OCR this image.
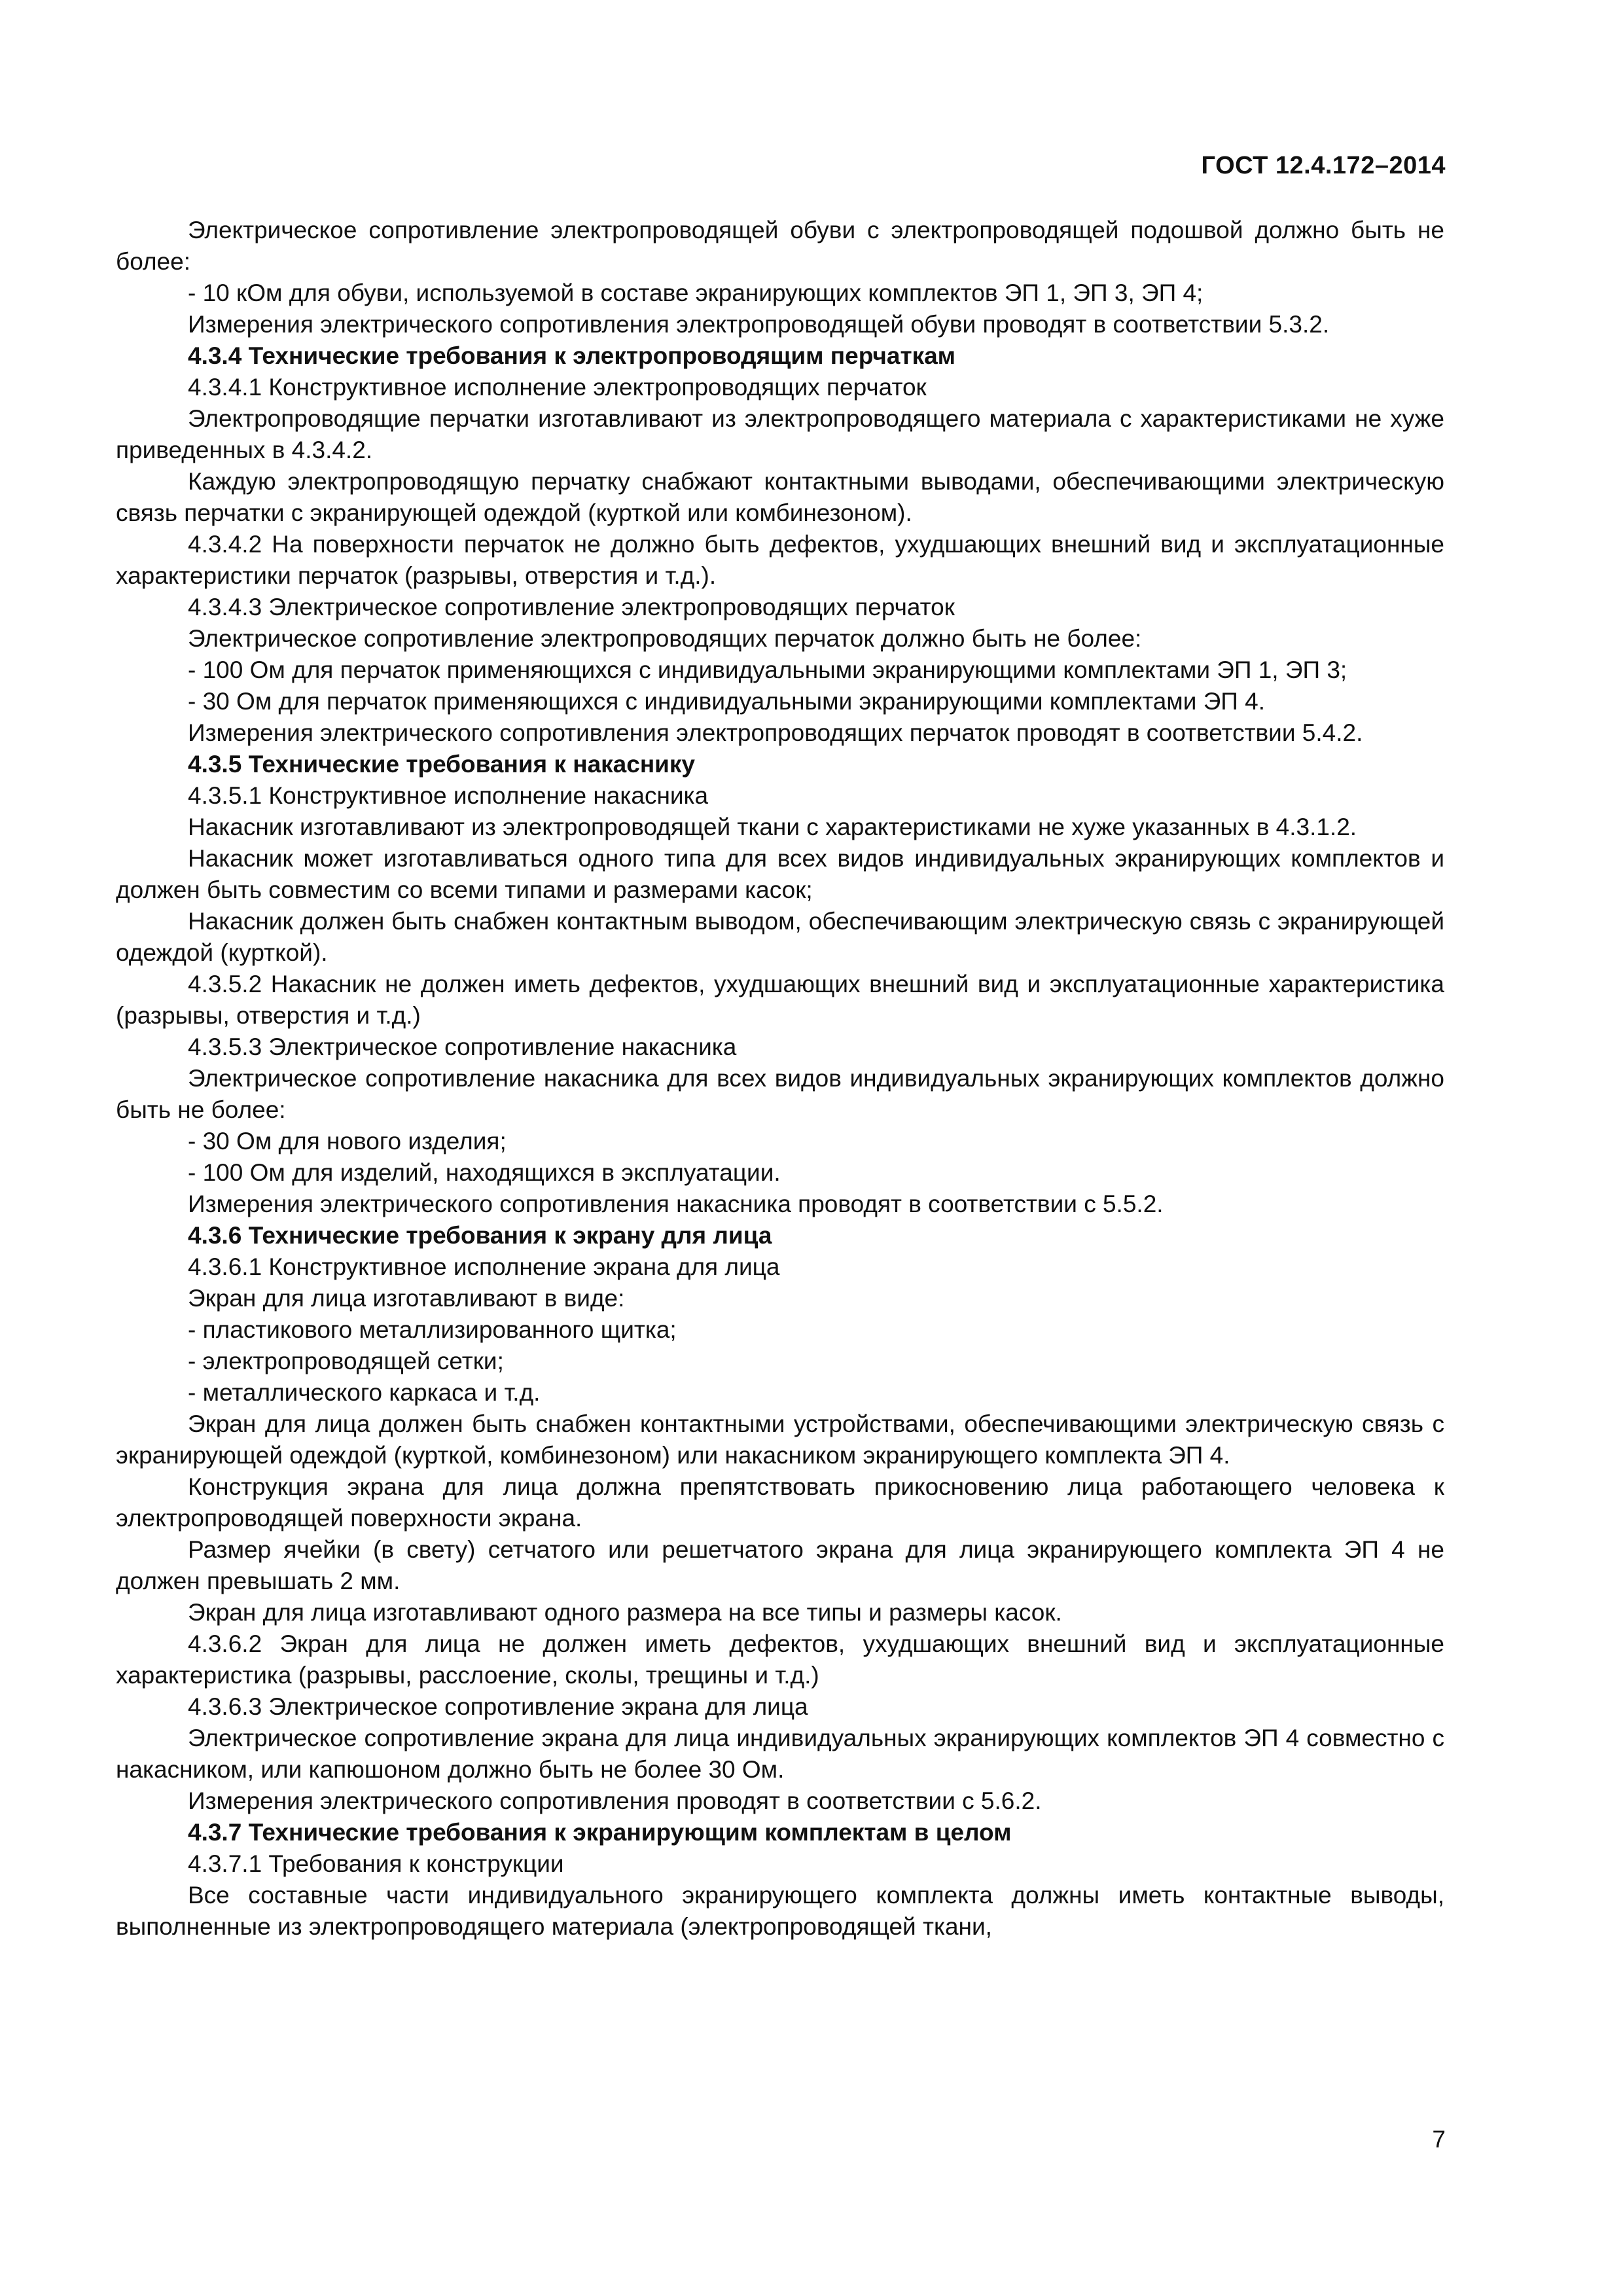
ГОСТ 12.4.172–2014

Электрическое сопротивление электропроводящей обуви с электропроводящей подошвой должно быть не более:

- 10 кОм для обуви, используемой в составе экранирующих комплектов ЭП 1, ЭП 3, ЭП 4;

Измерения электрического сопротивления электропроводящей обуви проводят в соответствии 5.3.2.

4.3.4 Технические требования к электропроводящим перчаткам

4.3.4.1 Конструктивное исполнение электропроводящих перчаток

Электропроводящие перчатки изготавливают из электропроводящего материала с характеристиками не хуже приведенных в 4.3.4.2.

Каждую электропроводящую перчатку снабжают контактными выводами, обеспечивающими электрическую связь перчатки с экранирующей одеждой (курткой или комбинезоном).

4.3.4.2 На поверхности перчаток не должно быть дефектов, ухудшающих внешний вид и эксплуатационные характеристики перчаток (разрывы, отверстия и т.д.).

4.3.4.3 Электрическое сопротивление электропроводящих перчаток

Электрическое сопротивление электропроводящих перчаток должно быть не более:

- 100 Ом для перчаток применяющихся с индивидуальными экранирующими комплектами ЭП 1, ЭП 3;

- 30 Ом для перчаток применяющихся с индивидуальными экранирующими комплектами ЭП 4.

Измерения электрического сопротивления электропроводящих перчаток проводят в соответствии 5.4.2.

4.3.5 Технические требования к накаснику

4.3.5.1 Конструктивное исполнение накасника

Накасник изготавливают из электропроводящей ткани с характеристиками не хуже указанных в 4.3.1.2.

Накасник может изготавливаться одного типа для всех видов индивидуальных экранирующих комплектов и должен быть совместим со всеми типами и размерами касок;

Накасник должен быть снабжен контактным выводом, обеспечивающим электрическую связь с экранирующей одеждой (курткой).

4.3.5.2 Накасник не должен иметь дефектов, ухудшающих внешний вид и эксплуатационные характеристика (разрывы, отверстия и т.д.)

4.3.5.3 Электрическое сопротивление накасника

Электрическое сопротивление накасника для всех видов индивидуальных экранирующих комплектов должно быть не более:

- 30 Ом для нового изделия;

- 100 Ом для изделий, находящихся в эксплуатации.

Измерения электрического сопротивления накасника проводят в соответствии с 5.5.2.

4.3.6 Технические требования к экрану для лица

4.3.6.1 Конструктивное исполнение экрана для лица

Экран для лица изготавливают в виде:

- пластикового металлизированного щитка;

- электропроводящей сетки;

- металлического каркаса и т.д.

Экран для лица должен быть снабжен контактными устройствами, обеспечивающими электрическую связь с экранирующей одеждой (курткой, комбинезоном) или накасником экранирующего комплекта ЭП 4.

Конструкция экрана для лица должна препятствовать прикосновению лица работающего человека к электропроводящей поверхности экрана.

Размер ячейки (в свету) сетчатого или решетчатого экрана для лица экранирующего комплекта ЭП 4 не должен превышать 2 мм.

Экран для лица изготавливают одного размера на все типы и размеры касок.

4.3.6.2 Экран для лица не должен иметь дефектов, ухудшающих внешний вид и эксплуатационные характеристика (разрывы, расслоение, сколы, трещины и т.д.)

4.3.6.3 Электрическое сопротивление экрана для лица

Электрическое сопротивление экрана для лица индивидуальных экранирующих комплектов ЭП 4 совместно с накасником, или капюшоном должно быть не более 30 Ом.

Измерения электрического сопротивления проводят в соответствии с 5.6.2.

4.3.7 Технические требования к экранирующим комплектам в целом

4.3.7.1 Требования к конструкции

Все составные части индивидуального экранирующего комплекта должны иметь контактные выводы, выполненные из электропроводящего материала (электропроводящей ткани,

7
